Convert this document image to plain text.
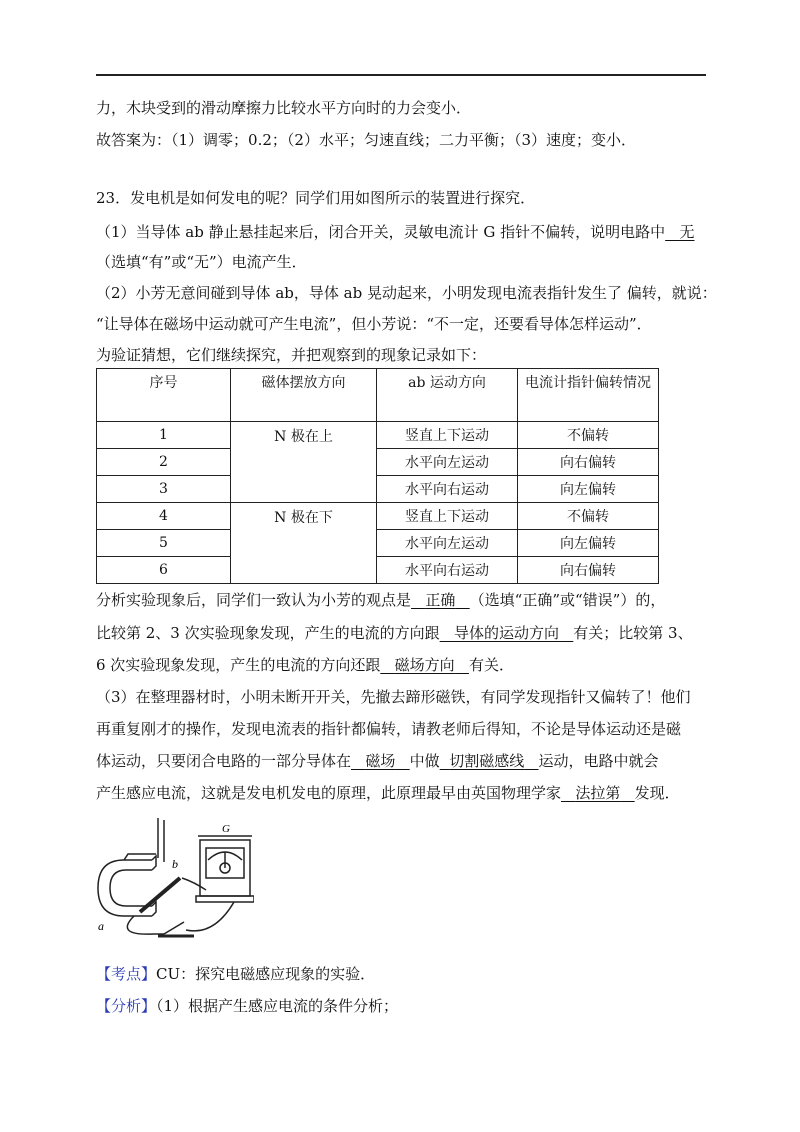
力，木块受到的滑动摩擦力比较水平方向时的力会变小．
故答案为：（1）调零；0.2；（2）水平；匀速直线；二力平衡；（3）速度；变小．
23．发电机是如何发电的呢？同学们用如图所示的装置进行探究．
（1）当导体 ab 静止悬挂起来后，闭合开关，灵敏电流计 G 指针不偏转，说明电路中 无
（选填“有”或“无”）电流产生．
（2）小芳无意间碰到导体 ab，导体 ab 晃动起来，小明发现电流表指针发生了 偏转，就说：
“让导体在磁场中运动就可产生电流”，但小芳说：“不一定，还要看导体怎样运动”．
为验证猜想，它们继续探究，并把观察到的现象记录如下：
序号	磁体摆放方向	ab 运动方向	电流计指针偏转情况
1	N 极在上	竖直上下运动	不偏转
2		水平向左运动	向右偏转
3		水平向右运动	向左偏转
4	N 极在下	竖直上下运动	不偏转
5		水平向左运动	向左偏转
6		水平向右运动	向右偏转
分析实验现象后，同学们一致认为小芳的观点是 正确 （选填“正确”或“错误”）的，
比较第 2、3 次实验现象发现，产生的电流的方向跟 导体的运动方向 有关；比较第 3、
6 次实验现象发现，产生的电流的方向还跟 磁场方向 有关．
（3）在整理器材时，小明未断开开关，先撤去蹄形磁铁，有同学发现指针又偏转了！他们
再重复刚才的操作，发现电流表的指针都偏转，请教老师后得知，不论是导体运动还是磁
体运动，只要闭合电路的一部分导体在 磁场 中做 切割磁感线 运动，电路中就会
产生感应电流，这就是发电机发电的原理，此原理最早由英国物理学家 法拉第 发现．
G
b
a
【考点】CU：探究电磁感应现象的实验．
【分析】（1）根据产生感应电流的条件分析；
